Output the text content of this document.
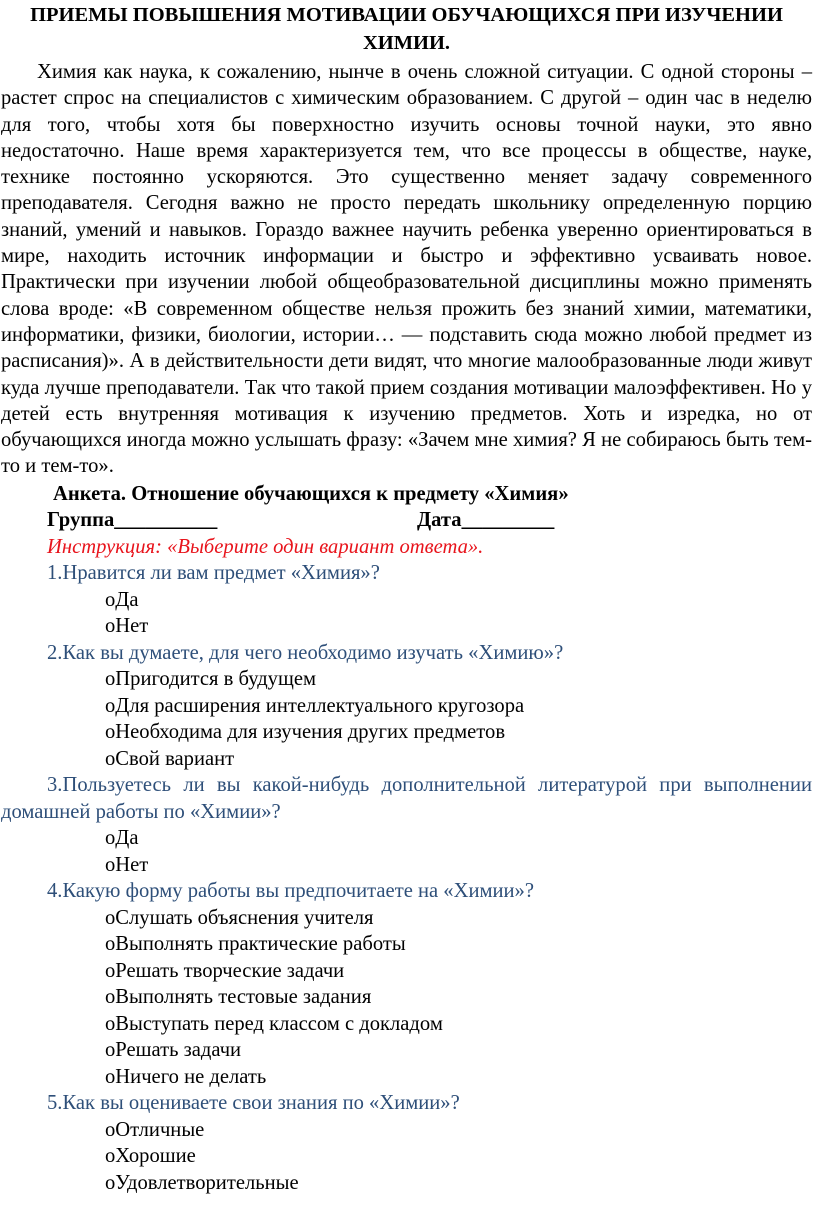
ПРИЕМЫ ПОВЫШЕНИЯ МОТИВАЦИИ ОБУЧАЮЩИХСЯ ПРИ ИЗУЧЕНИИ ХИМИИ.

Химия как наука, к сожалению, нынче в очень сложной ситуации. С одной стороны – растет спрос на специалистов с химическим образованием. С другой – один час в неделю для того, чтобы хотя бы поверхностно изучить основы точной науки, это явно недостаточно. Наше время характеризуется тем, что все процессы в обществе, науке, технике постоянно ускоряются. Это существенно меняет задачу современного преподавателя. Сегодня важно не просто передать школьнику определенную порцию знаний, умений и навыков. Гораздо важнее научить ребенка уверенно ориентироваться в мире, находить источник информации и быстро и эффективно усваивать новое. Практически при изучении любой общеобразовательной дисциплины можно применять слова вроде: «В современном обществе нельзя прожить без знаний химии, математики, информатики, физики, биологии, истории… — подставить сюда можно любой предмет из расписания)». А в действительности дети видят, что многие малообразованные люди живут куда лучше преподаватели. Так что такой прием создания мотивации малоэффективен. Но у детей есть внутренняя мотивация к изучению предметов. Хоть и изредка, но от обучающихся иногда можно услышать фразу: «Зачем мне химия? Я не собираюсь быть тем-то и тем-то».

Анкета. Отношение обучающихся к предмету «Химия»
Группа__________	Дата_________
Инструкция: «Выберите один вариант ответа».
1.Нравится ли вам предмет «Химия»?
оДа
оНет
2.Как вы думаете, для чего необходимо изучать «Химию»?
оПригодится в будущем
оДля расширения интеллектуального кругозора
оНеобходима для изучения других предметов
оСвой вариант
3.Пользуетесь ли вы какой-нибудь дополнительной литературой при выполнении домашней работы по «Химии»?
оДа
оНет
4.Какую форму работы вы предпочитаете на «Химии»?
оСлушать объяснения учителя
оВыполнять практические работы
оРешать творческие задачи
оВыполнять тестовые задания
оВыступать перед классом с докладом
оРешать задачи
оНичего не делать
5.Как вы оцениваете свои знания по «Химии»?
оОтличные
оХорошие
оУдовлетворительные
